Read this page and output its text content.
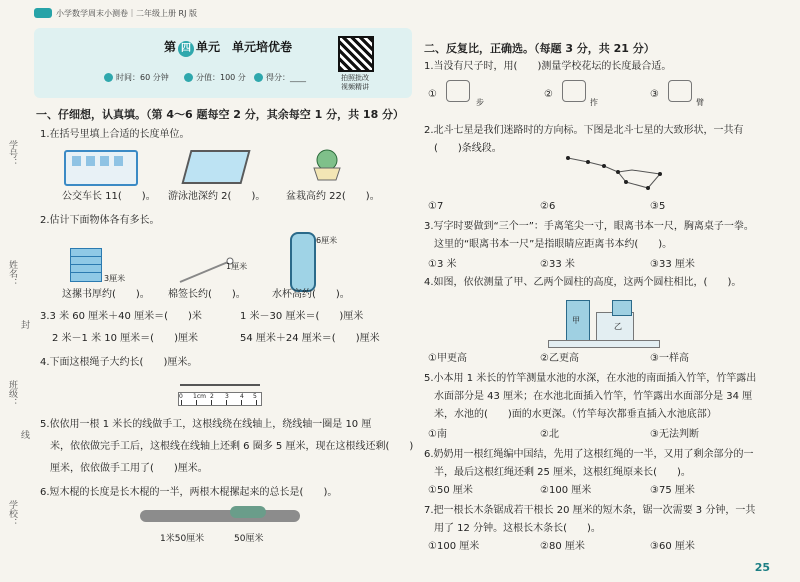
小学数学周末小测卷｜二年级上册 RJ 版
学号：
姓名：
班级：
学校：
封
线
第 四 单元　单元培优卷
时间：60 分钟	分值：100 分	得分：____	拍照批改
视频精讲
一、仔细想，认真填。（第 4～6 题每空 2 分，其余每空 1 分，共 18 分）
1.在括号里填上合适的长度单位。
公交车长 11(　　)。 游泳池深约 2(　　)。 盆栽高约 22(　　)。
2.估计下面物体各有多长。
3厘米
1厘米
6厘米
这摞书厚约(　　)。 棉签长约(　　)。	水杯高约(　　)。
3.3 米 60 厘米＋40 厘米＝(　　)米	1 米－30 厘米＝(　　)厘米
2 米－1 米 10 厘米＝(　　)厘米	54 厘米＋24 厘米＝(　　)厘米
4.下面这根绳子大约长(　　)厘米。
0 1cm 2 3 4 5
5.依依用一根 1 米长的线做手工，这根线绕在线轴上，绕线轴一圈是 10 厘
米，依依做完手工后，这根线在线轴上还剩 6 圈多 5 厘米，现在这根线还剩(　　)
厘米，依依做手工用了(　　)厘米。
6.短木棍的长度是长木棍的一半，两根木棍摞起来的总长是(　　)。
1米50厘米	50厘米
二、反复比，正确选。（每题 3 分，共 21 分）
1.当没有尺子时，用(　　)测量学校花坛的长度最合适。
①
步
②
拃
③
臂
2.北斗七星是我们迷路时的方向标。下图是北斗七星的大致形状，一共有
(　　)条线段。
①7	②6	③5
3.写字时要做到“三个一”：手离笔尖一寸，眼离书本一尺，胸离桌子一拳。
这里的“眼离书本一尺”是指眼睛应距离书本约(　　)。
①3 米	②33 米	③33 厘米
4.如图，依依测量了甲、乙两个圆柱的高度，这两个圆柱相比，(　　)。
甲
乙
①甲更高	②乙更高	③一样高
5.小本用 1 米长的竹竿测量水池的水深，在水池的南面插入竹竿，竹竿露出
水面部分是 43 厘米；在水池北面插入竹竿，竹竿露出水面部分是 34 厘
米，水池的(　　)面的水更深。（竹竿每次都垂直插入水池底部）
①南	②北	③无法判断
6.奶奶用一根红绳编中国结，先用了这根红绳的一半，又用了剩余部分的一
半，最后这根红绳还剩 25 厘米，这根红绳原来长(　　)。
①50 厘米	②100 厘米	③75 厘米
7.把一根长木条锯成若干根长 20 厘米的短木条，锯一次需要 3 分钟，一共
用了 12 分钟。这根长木条长(　　)。
①100 厘米	②80 厘米	③60 厘米
25
